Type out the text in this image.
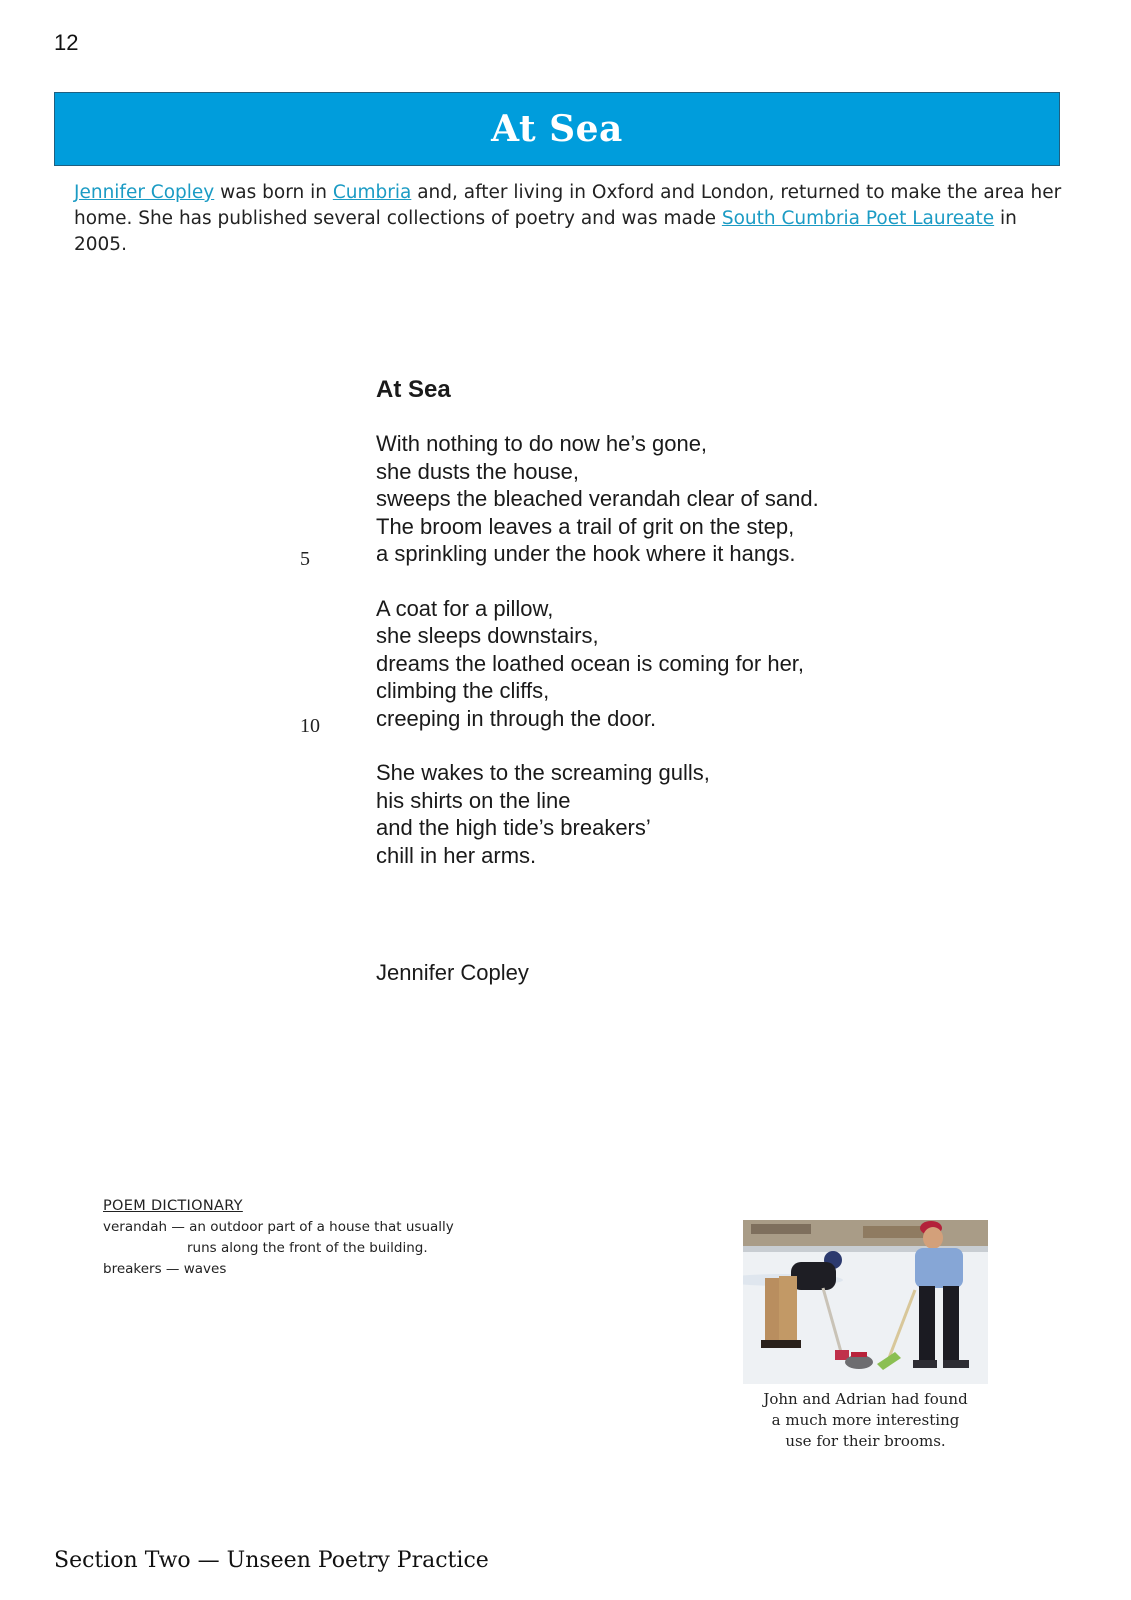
12
At Sea
Jennifer Copley was born in Cumbria and, after living in Oxford and London, returned to make the area her home. She has published several collections of poetry and was made South Cumbria Poet Laureate in 2005.
At Sea
With nothing to do now he’s gone,
she dusts the house,
sweeps the bleached verandah clear of sand.
The broom leaves a trail of grit on the step,
a sprinkling under the hook where it hangs.
A coat for a pillow,
she sleeps downstairs,
dreams the loathed ocean is coming for her,
climbing the cliffs,
creeping in through the door.
She wakes to the screaming gulls,
his shirts on the line
and the high tide’s breakers’
chill in her arms.
5
10
Jennifer Copley
POEM DICTIONARY
verandah — an outdoor part of a house that usually
runs along the front of the building.
breakers — waves
John and Adrian had found
a much more interesting
use for their brooms.
Section Two — Unseen Poetry Practice
